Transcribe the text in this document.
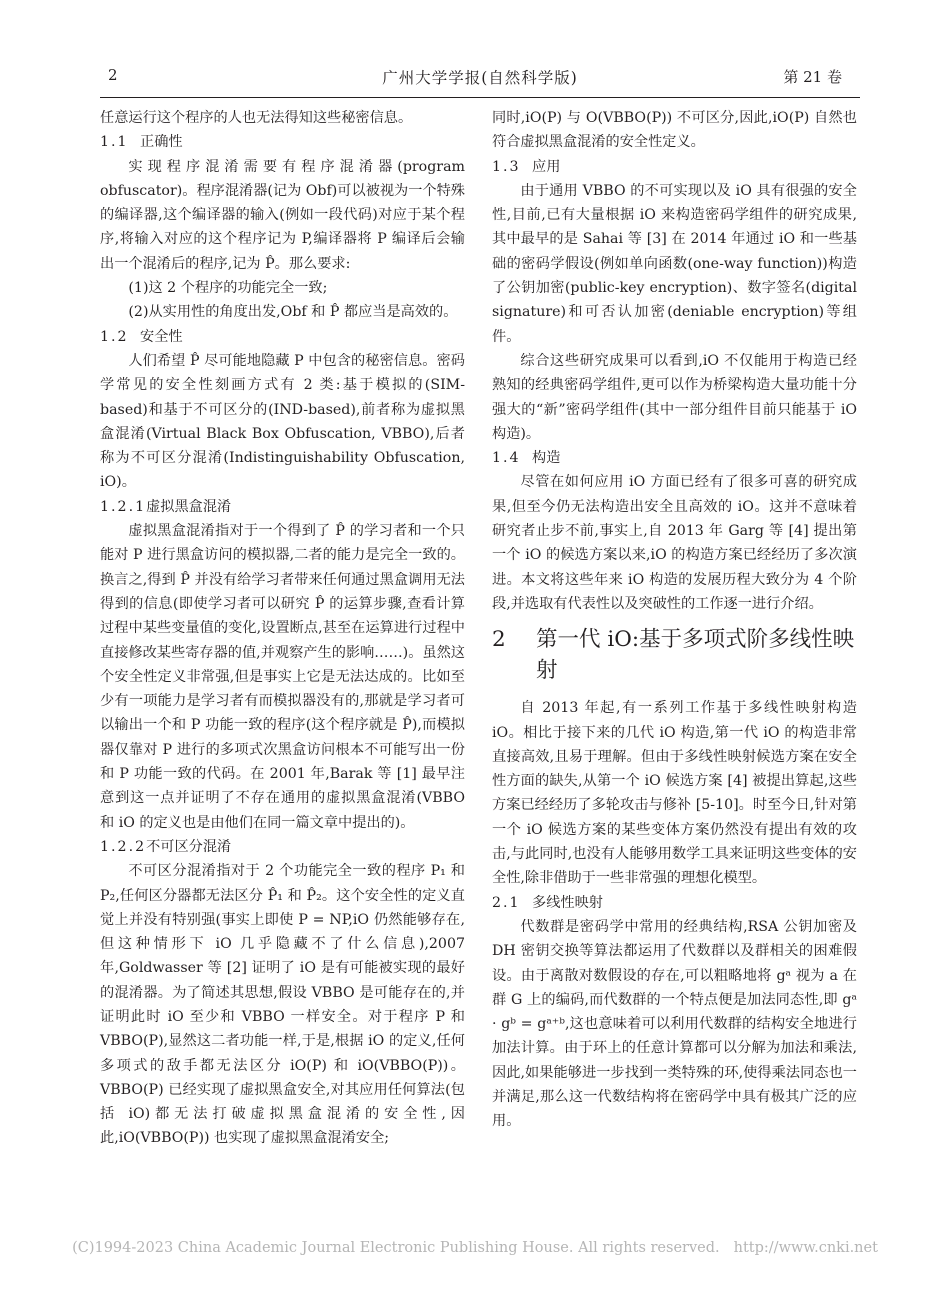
2	广州大学学报(自然科学版)	第 21 卷

任意运行这个程序的人也无法得知这些秘密信息。

1.1 正确性

实现程序混淆需要有程序混淆器(program obfuscator)。程序混淆器(记为 Obf)可以被视为一个特殊的编译器,这个编译器的输入(例如一段代码)对应于某个程序,将输入对应的这个程序记为 P,编译器将 P 编译后会输出一个混淆后的程序,记为 P̂。那么要求:

(1)这 2 个程序的功能完全一致;

(2)从实用性的角度出发,Obf 和 P̂ 都应当是高效的。

1.2 安全性

人们希望 P̂ 尽可能地隐藏 P 中包含的秘密信息。密码学常见的安全性刻画方式有 2 类:基于模拟的(SIM-based)和基于不可区分的(IND-based),前者称为虚拟黑盒混淆(Virtual Black Box Obfuscation, VBBO),后者称为不可区分混淆(Indistinguishability Obfuscation, iO)。

1.2.1虚拟黑盒混淆

虚拟黑盒混淆指对于一个得到了 P̂ 的学习者和一个只能对 P 进行黑盒访问的模拟器,二者的能力是完全一致的。换言之,得到 P̂ 并没有给学习者带来任何通过黑盒调用无法得到的信息(即使学习者可以研究 P̂ 的运算步骤,查看计算过程中某些变量值的变化,设置断点,甚至在运算进行过程中直接修改某些寄存器的值,并观察产生的影响……)。虽然这个安全性定义非常强,但是事实上它是无法达成的。比如至少有一项能力是学习者有而模拟器没有的,那就是学习者可以输出一个和 P 功能一致的程序(这个程序就是 P̂),而模拟器仅靠对 P 进行的多项式次黑盒访问根本不可能写出一份和 P 功能一致的代码。在 2001 年,Barak 等 [1] 最早注意到这一点并证明了不存在通用的虚拟黑盒混淆(VBBO 和 iO 的定义也是由他们在同一篇文章中提出的)。

1.2.2不可区分混淆

不可区分混淆指对于 2 个功能完全一致的程序 P₁ 和 P₂,任何区分器都无法区分 P̂₁ 和 P̂₂。这个安全性的定义直觉上并没有特别强(事实上即使 P = NP,iO 仍然能够存在,但这种情形下 iO 几乎隐藏不了什么信息),2007 年,Goldwasser 等 [2] 证明了 iO 是有可能被实现的最好的混淆器。为了简述其思想,假设 VBBO 是可能存在的,并证明此时 iO 至少和 VBBO 一样安全。对于程序 P 和 VBBO(P),显然这二者功能一样,于是,根据 iO 的定义,任何多项式的敌手都无法区分 iO(P) 和 iO(VBBO(P))。VBBO(P) 已经实现了虚拟黑盒安全,对其应用任何算法(包括 iO)都无法打破虚拟黑盒混淆的安全性,因此,iO(VBBO(P)) 也实现了虚拟黑盒混淆安全;

同时,iO(P) 与 O(VBBO(P)) 不可区分,因此,iO(P) 自然也符合虚拟黑盒混淆的安全性定义。

1.3 应用

由于通用 VBBO 的不可实现以及 iO 具有很强的安全性,目前,已有大量根据 iO 来构造密码学组件的研究成果,其中最早的是 Sahai 等 [3] 在 2014 年通过 iO 和一些基础的密码学假设(例如单向函数(one-way function))构造了公钥加密(public-key encryption)、数字签名(digital signature)和可否认加密(deniable encryption)等组件。

综合这些研究成果可以看到,iO 不仅能用于构造已经熟知的经典密码学组件,更可以作为桥梁构造大量功能十分强大的“新”密码学组件(其中一部分组件目前只能基于 iO 构造)。

1.4 构造

尽管在如何应用 iO 方面已经有了很多可喜的研究成果,但至今仍无法构造出安全且高效的 iO。这并不意味着研究者止步不前,事实上,自 2013 年 Garg 等 [4] 提出第一个 iO 的候选方案以来,iO 的构造方案已经经历了多次演进。本文将这些年来 iO 构造的发展历程大致分为 4 个阶段,并选取有代表性以及突破性的工作逐一进行介绍。

2	第一代 iO:基于多项式阶多线性映射

自 2013 年起,有一系列工作基于多线性映射构造 iO。相比于接下来的几代 iO 构造,第一代 iO 的构造非常直接高效,且易于理解。但由于多线性映射候选方案在安全性方面的缺失,从第一个 iO 候选方案 [4] 被提出算起,这些方案已经经历了多轮攻击与修补 [5-10]。时至今日,针对第一个 iO 候选方案的某些变体方案仍然没有提出有效的攻击,与此同时,也没有人能够用数学工具来证明这些变体的安全性,除非借助于一些非常强的理想化模型。

2.1 多线性映射

代数群是密码学中常用的经典结构,RSA 公钥加密及 DH 密钥交换等算法都运用了代数群以及群相关的困难假设。由于离散对数假设的存在,可以粗略地将 gᵃ 视为 a 在群 G 上的编码,而代数群的一个特点便是加法同态性,即 gᵃ · gᵇ = gᵃ⁺ᵇ,这也意味着可以利用代数群的结构安全地进行加法计算。由于环上的任意计算都可以分解为加法和乘法,因此,如果能够进一步找到一类特殊的环,使得乘法同态也一并满足,那么这一代数结构将在密码学中具有极其广泛的应用。

(C)1994-2023 China Academic Journal Electronic Publishing House. All rights reserved. http://www.cnki.net
